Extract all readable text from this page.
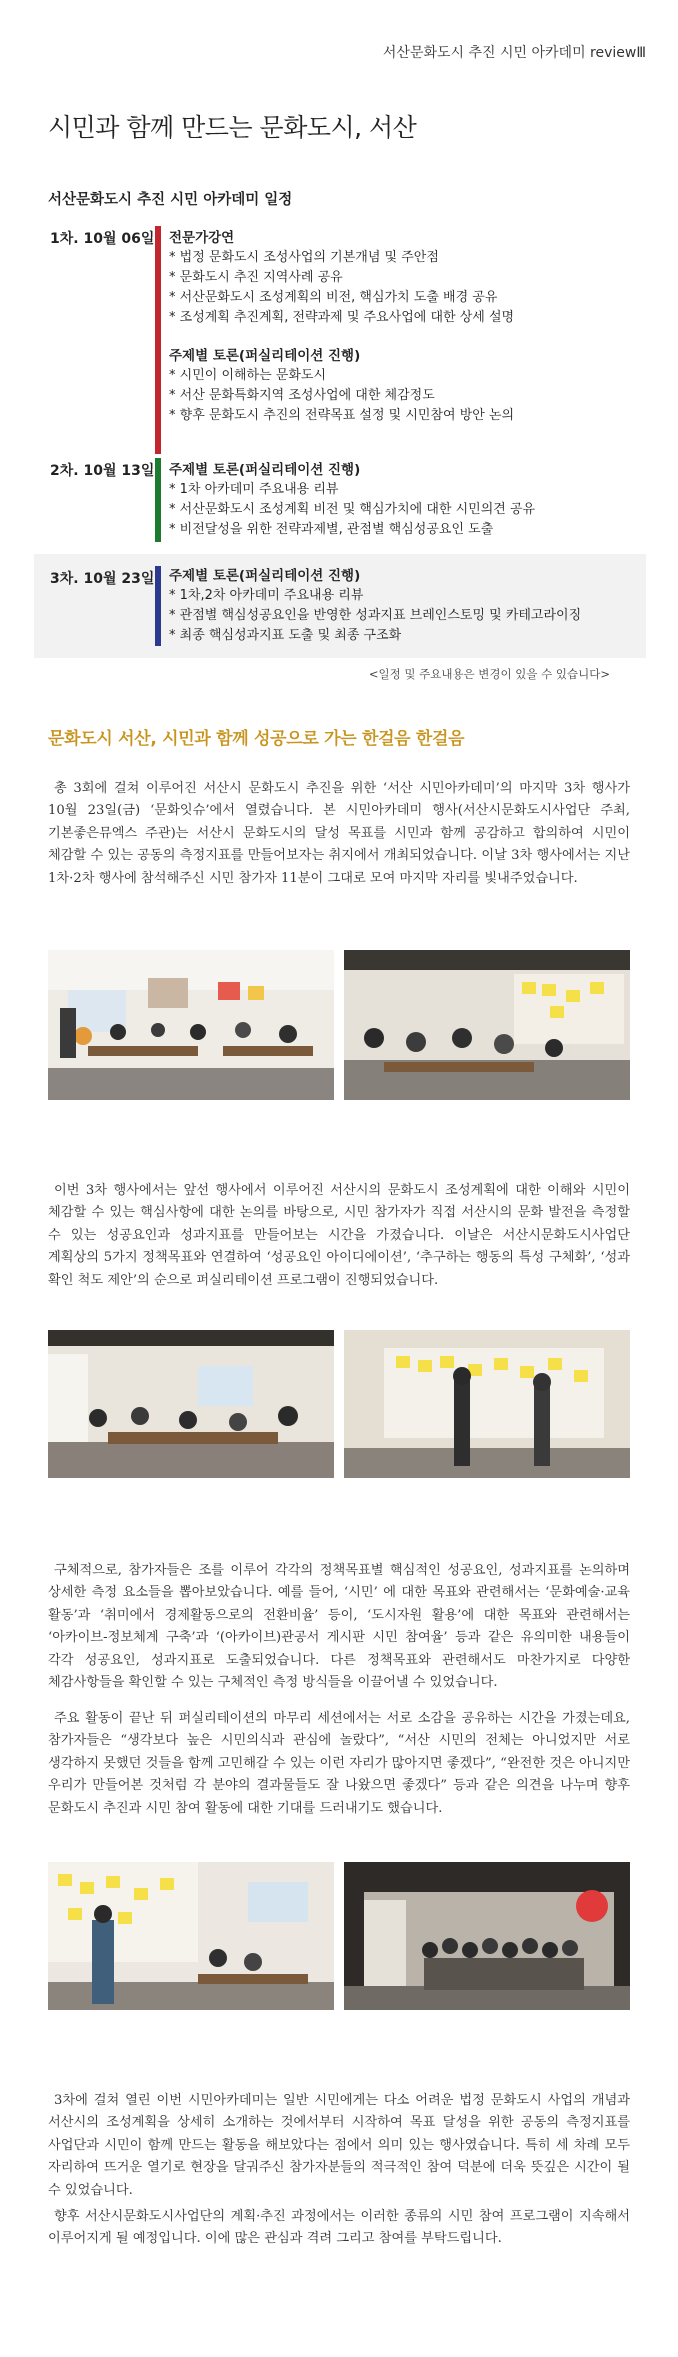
서산문화도시 추진 시민 아카데미 reviewⅢ
시민과 함께 만드는 문화도시, 서산
서산문화도시 추진 시민 아카데미 일정
1차. 10월 06일 전문가강연
* 법정 문화도시 조성사업의 기본개념 및 주안점
* 문화도시 추진 지역사례 공유
* 서산문화도시 조성계획의 비전, 핵심가치 도출 배경 공유
* 조성계획 추진계획, 전략과제 및 주요사업에 대한 상세 설명
주제별 토론(퍼실리테이션 진행)
* 시민이 이해하는 문화도시
* 서산 문화특화지역 조성사업에 대한 체감정도
* 향후 문화도시 추진의 전략목표 설정 및 시민참여 방안 논의
2차. 10월 13일 주제별 토론(퍼실리테이션 진행)
* 1차 아카데미 주요내용 리뷰
* 서산문화도시 조성계획 비전 및 핵심가치에 대한 시민의견 공유
* 비전달성을 위한 전략과제별, 관점별 핵심성공요인 도출
3차. 10월 23일 주제별 토론(퍼실리테이션 진행)
* 1차,2차 아카데미 주요내용 리뷰
* 관점별 핵심성공요인을 반영한 성과지표 브레인스토밍 및 카테고라이징
* 최종 핵심성과지표 도출 및 최종 구조화
<일정 및 주요내용은 변경이 있을 수 있습니다>
문화도시 서산, 시민과 함께 성공으로 가는 한걸음 한걸음

총 3회에 걸쳐 이루어진 서산시 문화도시 추진을 위한 ‘서산 시민아카데미’의 마지막 3차 행사가 10월 23일(금) ‘문화잇슈’에서 열렸습니다. 본 시민아카데미 행사(서산시문화도시사업단 주최, 기본좋은뮤엑스 주관)는 서산시 문화도시의 달성 목표를 시민과 함께 공감하고 합의하여 시민이 체감할 수 있는 공동의 측정지표를 만들어보자는 취지에서 개최되었습니다. 이날 3차 행사에서는 지난 1차·2차 행사에 참석해주신 시민 참가자 11분이 그대로 모여 마지막 자리를 빛내주었습니다.

이번 3차 행사에서는 앞선 행사에서 이루어진 서산시의 문화도시 조성계획에 대한 이해와 시민이 체감할 수 있는 핵심사항에 대한 논의를 바탕으로, 시민 참가자가 직접 서산시의 문화 발전을 측정할 수 있는 성공요인과 성과지표를 만들어보는 시간을 가졌습니다. 이날은 서산시문화도시사업단 계획상의 5가지 정책목표와 연결하여 ‘성공요인 아이디에이션’, ‘추구하는 행동의 특성 구체화’, ‘성과 확인 척도 제안’의 순으로 퍼실리테이션 프로그램이 진행되었습니다.

구체적으로, 참가자들은 조를 이루어 각각의 정책목표별 핵심적인 성공요인, 성과지표를 논의하며 상세한 측정 요소들을 뽑아보았습니다. 예를 들어, ‘시민’ 에 대한 목표와 관련해서는 ‘문화예술·교육 활동’과 ‘취미에서 경제활동으로의 전환비율’ 등이, ‘도시자원 활용’에 대한 목표와 관련해서는 ‘아카이브-정보체계 구축’과 ‘(아카이브)관공서 게시판 시민 참여율’ 등과 같은 유의미한 내용들이 각각 성공요인, 성과지표로 도출되었습니다. 다른 정책목표와 관련해서도 마찬가지로 다양한 체감사항들을 확인할 수 있는 구체적인 측정 방식들을 이끌어낼 수 있었습니다.

주요 활동이 끝난 뒤 퍼실리테이션의 마무리 세션에서는 서로 소감을 공유하는 시간을 가졌는데요, 참가자들은 “생각보다 높은 시민의식과 관심에 놀랐다”, “서산 시민의 전체는 아니었지만 서로 생각하지 못했던 것들을 함께 고민해갈 수 있는 이런 자리가 많아지면 좋겠다”, “완전한 것은 아니지만 우리가 만들어본 것처럼 각 분야의 결과물들도 잘 나왔으면 좋겠다” 등과 같은 의견을 나누며 향후 문화도시 추진과 시민 참여 활동에 대한 기대를 드러내기도 했습니다.

3차에 걸쳐 열린 이번 시민아카데미는 일반 시민에게는 다소 어려운 법정 문화도시 사업의 개념과 서산시의 조성계획을 상세히 소개하는 것에서부터 시작하여 목표 달성을 위한 공동의 측정지표를 사업단과 시민이 함께 만드는 활동을 해보았다는 점에서 의미 있는 행사였습니다. 특히 세 차례 모두 자리하여 뜨거운 열기로 현장을 달궈주신 참가자분들의 적극적인 참여 덕분에 더욱 뜻깊은 시간이 될 수 있었습니다.

향후 서산시문화도시사업단의 계획·추진 과정에서는 이러한 종류의 시민 참여 프로그램이 지속해서 이루어지게 될 예정입니다. 이에 많은 관심과 격려 그리고 참여를 부탁드립니다.
